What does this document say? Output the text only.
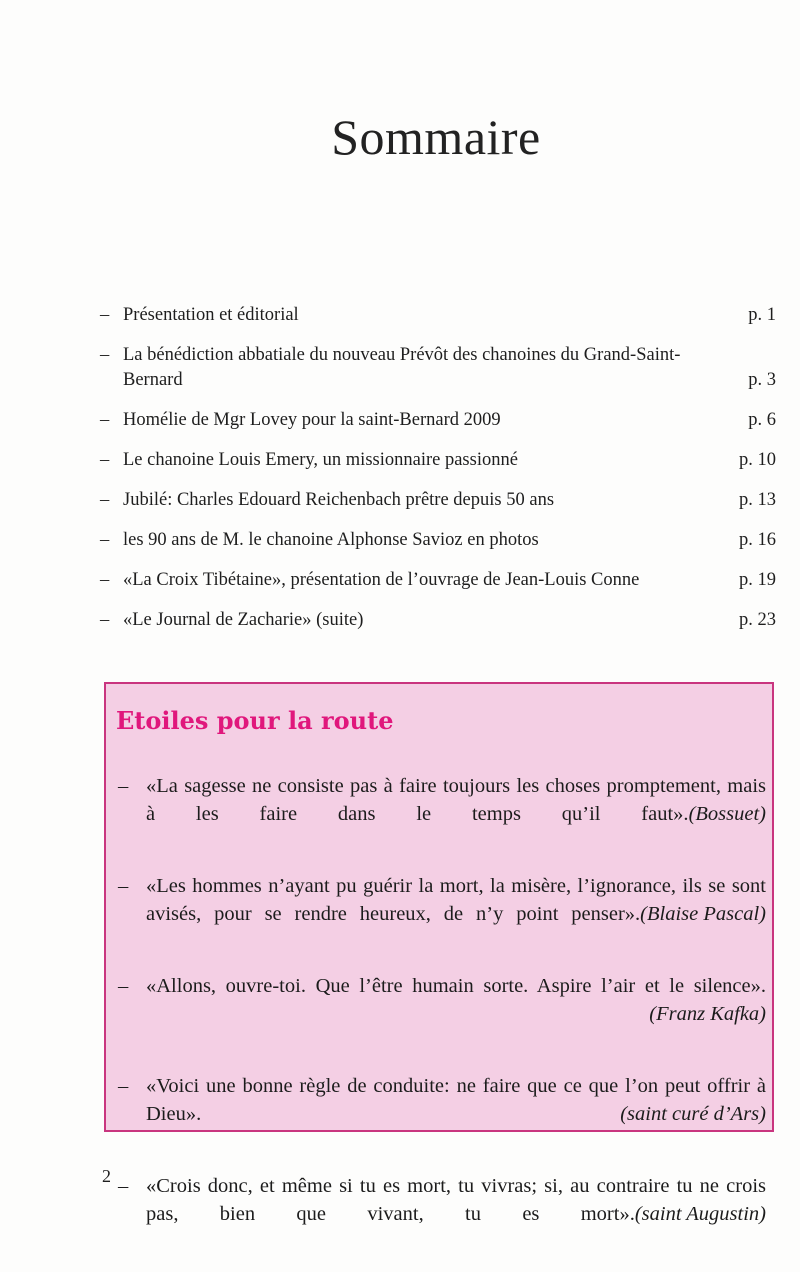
Sommaire
– Présentation et éditorial	p. 1
– La bénédiction abbatiale du nouveau Prévôt des chanoines du Grand-Saint-Bernard	p. 3
– Homélie de Mgr Lovey pour la saint-Bernard 2009	p. 6
– Le chanoine Louis Emery, un missionnaire passionné	p. 10
– Jubilé: Charles Edouard Reichenbach prêtre depuis 50 ans	p. 13
– les 90 ans de M. le chanoine Alphonse Savioz en photos	p. 16
– «La Croix Tibétaine», présentation de l’ouvrage de Jean-Louis Conne	p. 19
– «Le Journal de Zacharie» (suite)	p. 23
Etoiles pour la route
– «La sagesse ne consiste pas à faire toujours les choses promptement, mais à les faire dans le temps qu’il faut». (Bossuet)
– «Les hommes n’ayant pu guérir la mort, la misère, l’ignorance, ils se sont avisés, pour se rendre heureux, de n’y point penser». (Blaise Pascal)
– «Allons, ouvre-toi. Que l’être humain sorte. Aspire l’air et le silence».
(Franz Kafka)
– «Voici une bonne règle de conduite: ne faire que ce que l’on peut offrir à Dieu».	(saint curé d’Ars)
– «Crois donc, et même si tu es mort, tu vivras; si, au contraire tu ne crois pas, bien que vivant, tu es mort». (saint Augustin)

2
